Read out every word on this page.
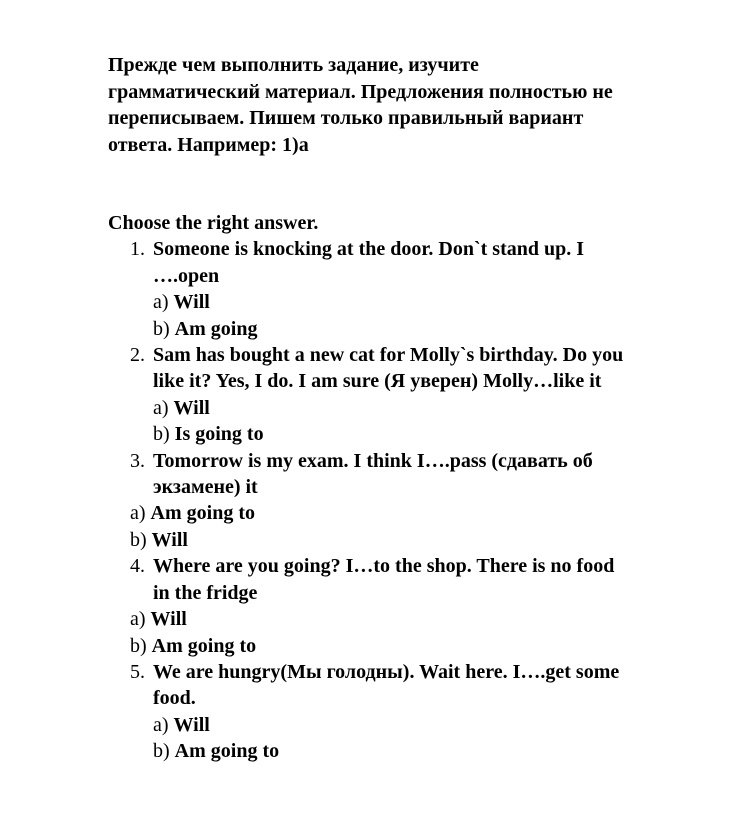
Прежде чем выполнить задание, изучите
грамматический материал. Предложения полностью не
переписываем. Пишем только правильный вариант
ответа. Например: 1)а
Choose the right answer.
1. Someone is knocking at the door. Don`t stand up. I
….open
a) Will
b) Am going
2. Sam has bought a new cat for Molly`s birthday. Do you
like it? Yes, I do. I am sure (Я уверен) Molly…like it
a) Will
b) Is going to
3. Tomorrow is my exam. I think I….pass (сдавать об
экзамене) it
a) Am going to
b) Will
4. Where are you going? I…to the shop. There is no food
in the fridge
a) Will
b) Am going to
5. We are hungry(Мы голодны). Wait here. I….get some
food.
a) Will
b) Am going to
